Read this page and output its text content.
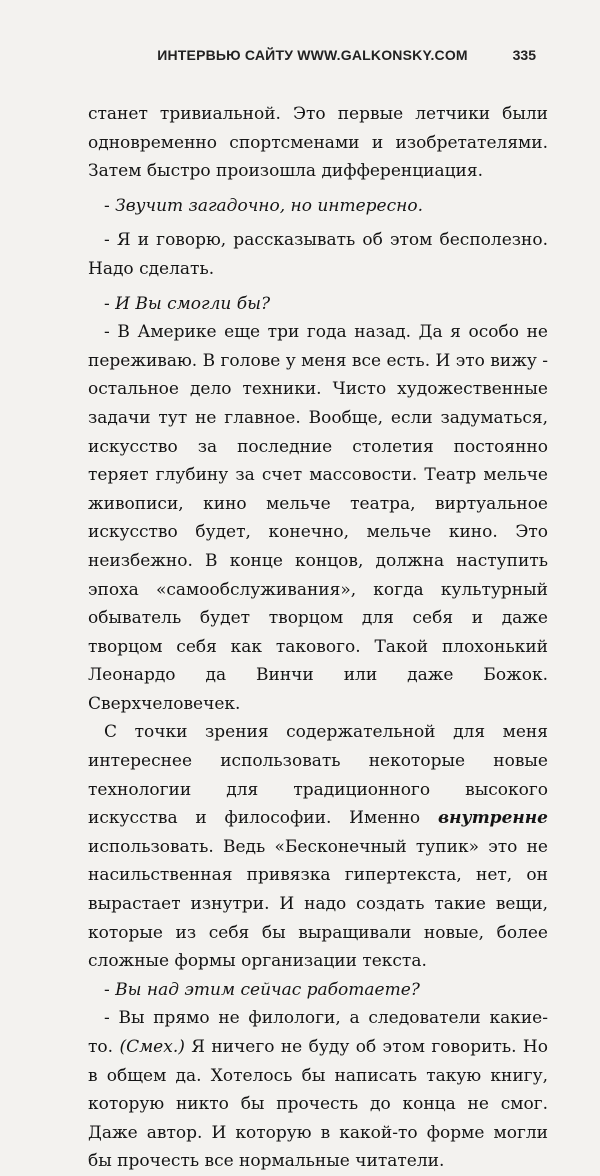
ИНТЕРВЬЮ САЙТУ WWW.GALKONSKY.COM	335

станет тривиальной. Это первые летчики были одновременно спортсменами и изобретателями. Затем быстро произошла дифференциация.

- Звучит загадочно, но интересно.

- Я и говорю, рассказывать об этом бесполезно. Надо сделать.

- И Вы смогли бы?

- В Америке еще три года назад. Да я особо не переживаю. В голове у меня все есть. И это вижу - остальное дело техники. Чисто художественные задачи тут не главное. Вообще, если задуматься, искусство за последние столетия постоянно теряет глубину за счет массовости. Театр мельче живописи, кино мельче театра, виртуальное искусство будет, конечно, мельче кино. Это неизбежно. В конце концов, должна наступить эпоха «самообслуживания», когда культурный обыватель будет творцом для себя и даже творцом себя как такового. Такой плохонький Леонардо да Винчи или даже Божок. Сверхчеловечек.

С точки зрения содержательной для меня интереснее использовать некоторые новые технологии для традиционного высокого искусства и философии. Именно внутренне использовать. Ведь «Бесконечный тупик» это не насильственная привязка гипертекста, нет, он вырастает изнутри. И надо создать такие вещи, которые из себя бы выращивали новые, более сложные формы организации текста.

- Вы над этим сейчас работаете?

- Вы прямо не филологи, а следователи какие-то. (Смех.) Я ничего не буду об этом говорить. Но в общем да. Хотелось бы написать такую книгу, которую никто бы прочесть до конца не смог. Даже автор. И которую в какой-то форме могли бы прочесть все нормальные читатели.
